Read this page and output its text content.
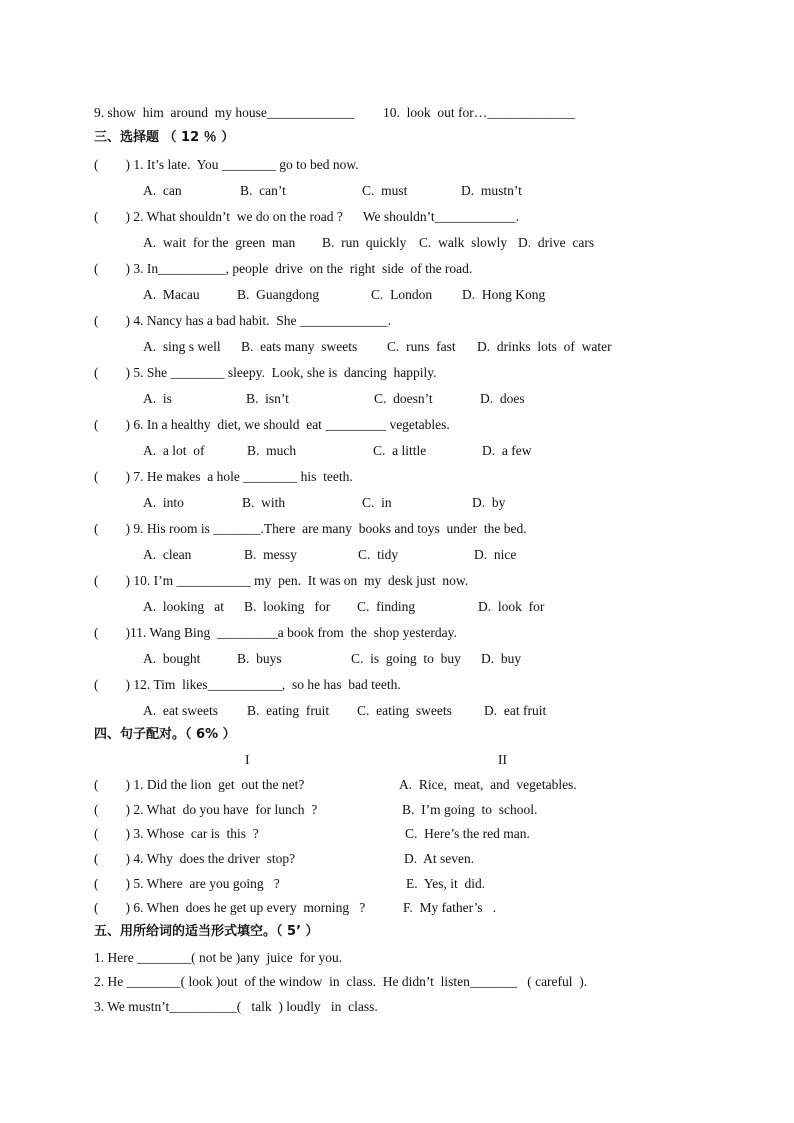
9. show  him  around  my house_____________ 10.  look  out for…_____________
三、选择题 （ 12 ％ ）
(        ) 1. It’s late.  You ________ go to bed now.
A.  can	B.  can’t	C.  must	D.  mustn’t
(        ) 2. What shouldn’t  we do on the road ?      We shouldn’t____________.
A.  wait  for the  green  man B.  run  quickly C.  walk  slowly D.  drive  cars
(        ) 3. In__________, people  drive  on the  right  side  of the road.
A.  Macau	B.  Guangdong	C.  London D.  Hong Kong
(        ) 4. Nancy has a bad habit.  She _____________.
A.  sing s well B.  eats many  sweets C.  runs  fast D.  drinks  lots  of  water
(        ) 5. She ________ sleepy.  Look, she is  dancing  happily.
A.  is	B.  isn’t	C.  doesn’t	D.  does
(        ) 6. In a healthy  diet, we should  eat _________ vegetables.
A.  a lot  of	B.  much	C.  a little	D.  a few
(        ) 7. He makes  a hole ________ his  teeth.
A.  into	B.  with	C.  in	D.  by
(        ) 9. His room is _______.There  are many  books and toys  under  the bed.
A.  clean	B.  messy	C.  tidy	D.  nice
(        ) 10. I’m ___________ my  pen.  It was on  my  desk just  now.
A.  looking   at B.  looking   for C.  finding	D.  look  for
(        )11. Wang Bing  _________a book from  the  shop yesterday.
A.  bought	B.  buys	C.  is  going  to  buy D.  buy
(        ) 12. Tim  likes___________,  so he has  bad teeth.
A.  eat sweets B.  eating  fruit C.  eating  sweets D.  eat fruit
四、句子配对。（ 6% ）
I	II
(        ) 1. Did the lion  get  out the net?	A.  Rice,  meat,  and  vegetables.
(        ) 2. What  do you have  for lunch  ?	B.  I’m going  to  school.
(        ) 3. Whose  car is  this  ?	C.  Here’s the red man.
(        ) 4. Why  does the driver  stop?	D.  At seven.
(        ) 5. Where  are you going   ?	E.  Yes, it  did.
(        ) 6. When  does he get up every  morning   ?	F.  My father’s   .
五、用所给词的适当形式填空。（ 5’ ）
1. Here ________( not be )any  juice  for you.
2. He ________( look )out  of the window  in  class.  He didn’t  listen_______   ( careful  ).
3. We mustn’t__________(   talk  ) loudly   in  class.
